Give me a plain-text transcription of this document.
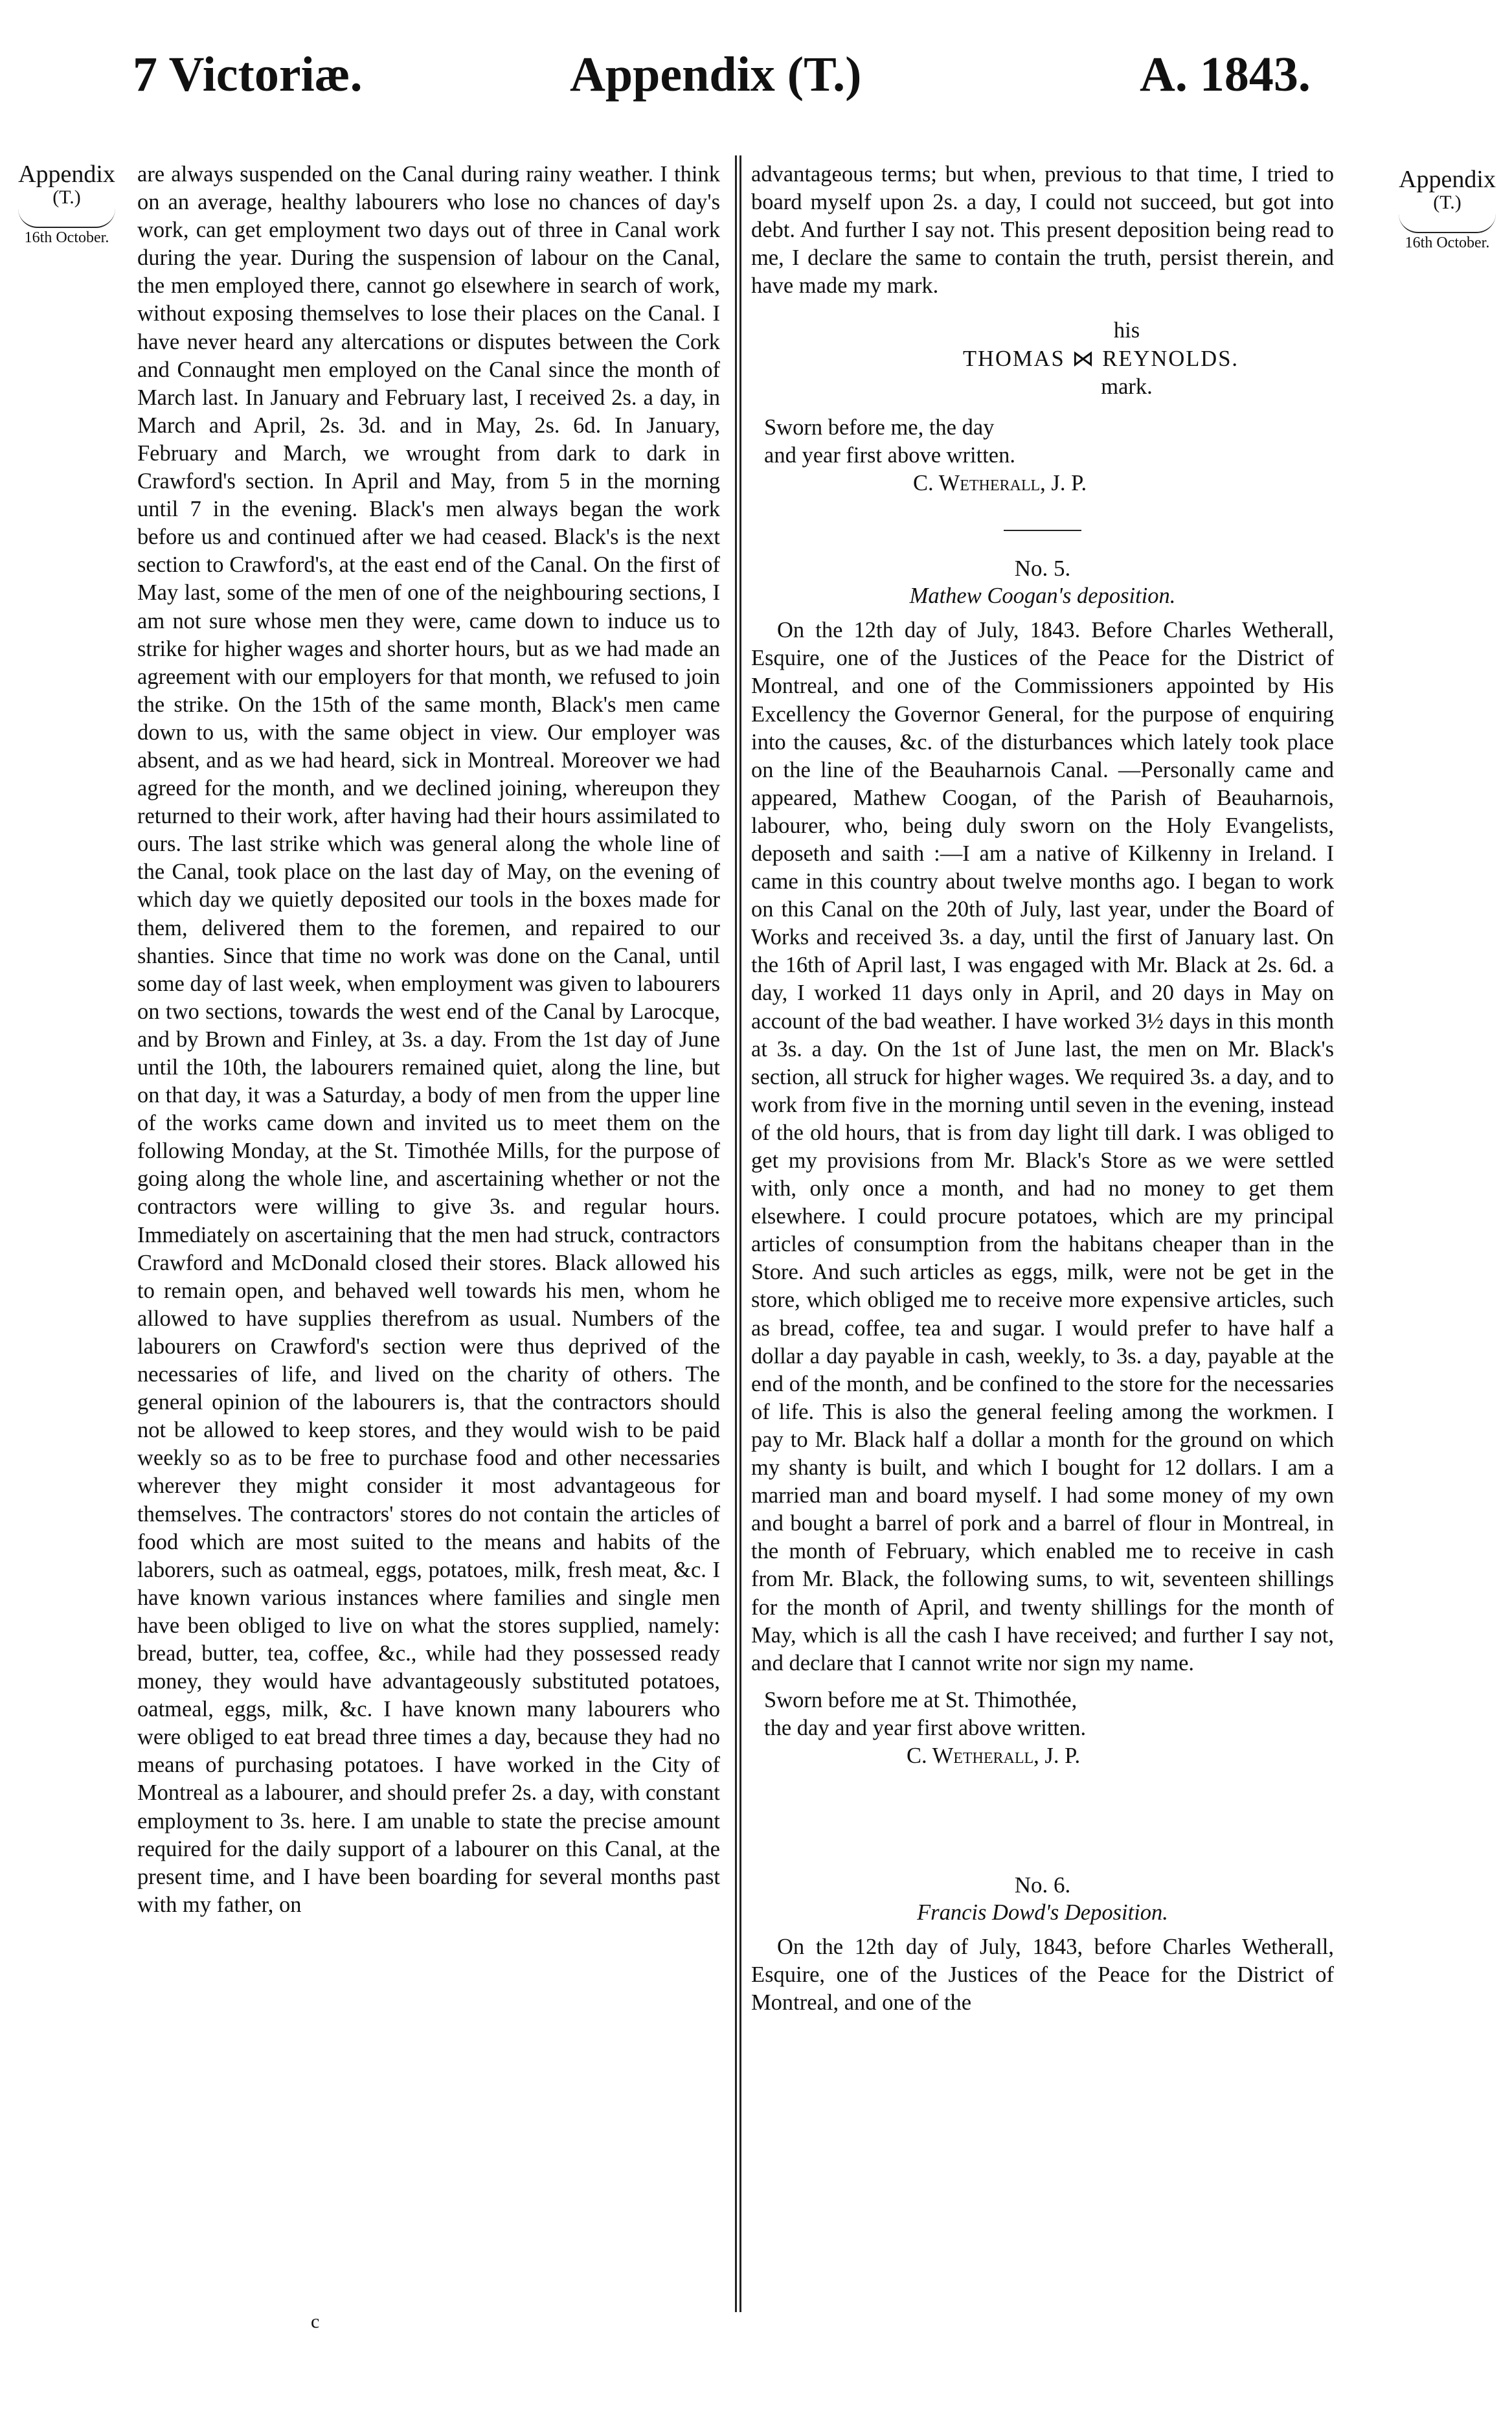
7 Victoriæ.	Appendix (T.)	A. 1843.
Appendix
(T.)
16th October.
Appendix
(T.)
16th October.

are always suspended on the Canal during rainy weather. I think on an average, healthy labourers who lose no chances of day's work, can get employment two days out of three in Canal work during the year. During the suspension of labour on the Canal, the men employed there, cannot go elsewhere in search of work, without exposing themselves to lose their places on the Canal. I have never heard any altercations or disputes between the Cork and Connaught men employed on the Canal since the month of March last. In January and February last, I received 2s. a day, in March and April, 2s. 3d. and in May, 2s. 6d. In January, February and March, we wrought from dark to dark in Crawford's section. In April and May, from 5 in the morning until 7 in the evening. Black's men always began the work before us and continued after we had ceased. Black's is the next section to Crawford's, at the east end of the Canal. On the first of May last, some of the men of one of the neighbouring sections, I am not sure whose men they were, came down to induce us to strike for higher wages and shorter hours, but as we had made an agreement with our employers for that month, we refused to join the strike. On the 15th of the same month, Black's men came down to us, with the same object in view. Our employer was absent, and as we had heard, sick in Montreal. Moreover we had agreed for the month, and we declined joining, whereupon they returned to their work, after having had their hours assimilated to ours. The last strike which was general along the whole line of the Canal, took place on the last day of May, on the evening of which day we quietly deposited our tools in the boxes made for them, delivered them to the foremen, and repaired to our shanties. Since that time no work was done on the Canal, until some day of last week, when employment was given to labourers on two sections, towards the west end of the Canal by Larocque, and by Brown and Finley, at 3s. a day. From the 1st day of June until the 10th, the labourers remained quiet, along the line, but on that day, it was a Saturday, a body of men from the upper line of the works came down and invited us to meet them on the following Monday, at the St. Timothée Mills, for the purpose of going along the whole line, and ascertaining whether or not the contractors were willing to give 3s. and regular hours. Immediately on ascertaining that the men had struck, contractors Crawford and McDonald closed their stores. Black allowed his to remain open, and behaved well towards his men, whom he allowed to have supplies therefrom as usual. Numbers of the labourers on Crawford's section were thus deprived of the necessaries of life, and lived on the charity of others. The general opinion of the labourers is, that the contractors should not be allowed to keep stores, and they would wish to be paid weekly so as to be free to purchase food and other necessaries wherever they might consider it most advantageous for themselves. The contractors' stores do not contain the articles of food which are most suited to the means and habits of the laborers, such as oatmeal, eggs, potatoes, milk, fresh meat, &c. I have known various instances where families and single men have been obliged to live on what the stores supplied, namely: bread, butter, tea, coffee, &c., while had they possessed ready money, they would have advantageously substituted potatoes, oatmeal, eggs, milk, &c. I have known many labourers who were obliged to eat bread three times a day, because they had no means of purchasing potatoes. I have worked in the City of Montreal as a labourer, and should prefer 2s. a day, with constant employment to 3s. here. I am unable to state the precise amount required for the daily support of a labourer on this Canal, at the present time, and I have been boarding for several months past with my father, on

advantageous terms; but when, previous to that time, I tried to board myself upon 2s. a day, I could not succeed, but got into debt. And further I say not. This present deposition being read to me, I declare the same to contain the truth, persist therein, and have made my mark.

his

THOMAS ⋈ REYNOLDS.

mark.

Sworn before me, the day
and year first above written.
C. Wetherall, J. P.

No. 5.

Mathew Coogan's deposition.

On the 12th day of July, 1843. Before Charles Wetherall, Esquire, one of the Justices of the Peace for the District of Montreal, and one of the Commissioners appointed by His Excellency the Governor General, for the purpose of enquiring into the causes, &c. of the disturbances which lately took place on the line of the Beauharnois Canal. —Personally came and appeared, Mathew Coogan, of the Parish of Beauharnois, labourer, who, being duly sworn on the Holy Evangelists, deposeth and saith :—I am a native of Kilkenny in Ireland. I came in this country about twelve months ago. I began to work on this Canal on the 20th of July, last year, under the Board of Works and received 3s. a day, until the first of January last. On the 16th of April last, I was engaged with Mr. Black at 2s. 6d. a day, I worked 11 days only in April, and 20 days in May on account of the bad weather. I have worked 3½ days in this month at 3s. a day. On the 1st of June last, the men on Mr. Black's section, all struck for higher wages. We required 3s. a day, and to work from five in the morning until seven in the evening, instead of the old hours, that is from day light till dark. I was obliged to get my provisions from Mr. Black's Store as we were settled with, only once a month, and had no money to get them elsewhere. I could procure potatoes, which are my principal articles of consumption from the habitans cheaper than in the Store. And such articles as eggs, milk, were not be get in the store, which obliged me to receive more expensive articles, such as bread, coffee, tea and sugar. I would prefer to have half a dollar a day payable in cash, weekly, to 3s. a day, payable at the end of the month, and be confined to the store for the necessaries of life. This is also the general feeling among the workmen. I pay to Mr. Black half a dollar a month for the ground on which my shanty is built, and which I bought for 12 dollars. I am a married man and board myself. I had some money of my own and bought a barrel of pork and a barrel of flour in Montreal, in the month of February, which enabled me to receive in cash from Mr. Black, the following sums, to wit, seventeen shillings for the month of April, and twenty shillings for the month of May, which is all the cash I have received; and further I say not, and declare that I cannot write nor sign my name.

Sworn before me at St. Thimothée,
the day and year first above written.
C. Wetherall, J. P.

No. 6.

Francis Dowd's Deposition.

On the 12th day of July, 1843, before Charles Wetherall, Esquire, one of the Justices of the Peace for the District of Montreal, and one of the

c
